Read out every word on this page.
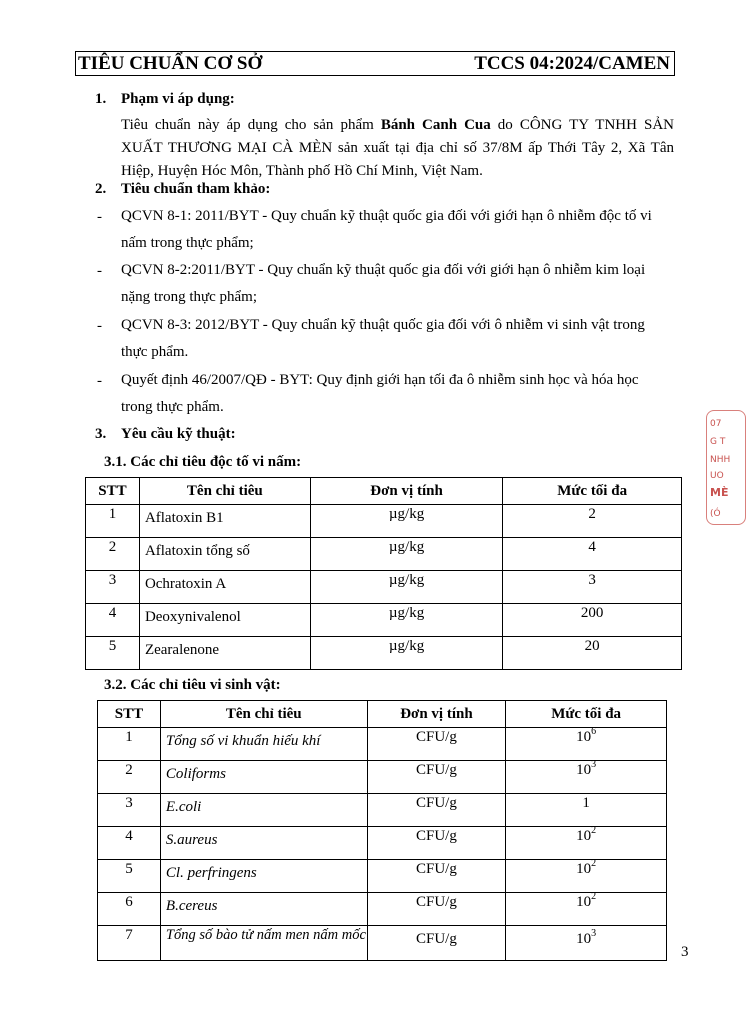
TIÊU CHUẨN CƠ SỞ	TCCS 04:2024/CAMEN
1. Phạm vi áp dụng:
Tiêu chuẩn này áp dụng cho sản phẩm Bánh Canh Cua do CÔNG TY TNHH SẢN
XUẤT THƯƠNG MẠI CÀ MÈN sản xuất tại địa chỉ số 37/8M ấp Thới Tây 2, Xã Tân
Hiệp, Huyện Hóc Môn, Thành phố Hồ Chí Minh, Việt Nam.
2. Tiêu chuẩn tham khảo:
- QCVN 8-1: 2011/BYT - Quy chuẩn kỹ thuật quốc gia đối với giới hạn ô nhiễm độc tố vi
nấm trong thực phẩm;
- QCVN 8-2:2011/BYT - Quy chuẩn kỹ thuật quốc gia đối với giới hạn ô nhiễm kim loại
nặng trong thực phẩm;
- QCVN 8-3: 2012/BYT - Quy chuẩn kỹ thuật quốc gia đối với ô nhiễm vi sinh vật trong
thực phẩm.
- Quyết định 46/2007/QĐ - BYT: Quy định giới hạn tối đa ô nhiễm sinh học và hóa học
trong thực phẩm.
3. Yêu cầu kỹ thuật:
3.1. Các chỉ tiêu độc tố vi nấm:
STT	Tên chỉ tiêu	Đơn vị tính	Mức tối đa
1	Aflatoxin B1	µg/kg	2
2	Aflatoxin tổng số	µg/kg	4
3	Ochratoxin A	µg/kg	3
4	Deoxynivalenol	µg/kg	200
5	Zearalenone	µg/kg	20
3.2. Các chỉ tiêu vi sinh vật:
STT	Tên chỉ tiêu	Đơn vị tính	Mức tối đa
1	Tổng số vi khuẩn hiếu khí	CFU/g	$10^6$
2	Coliforms	CFU/g	$10^3$
3	E.coli	CFU/g	1
4	S.aureus	CFU/g	$10^2$
5	Cl. perfringens	CFU/g	$10^2$
6	B.cereus	CFU/g	$10^2$
7	Tổng số bào tử nấm men nấm mốc	CFU/g	$10^3$
3
07
G T
NHH
UO
MÈ
(Ó
